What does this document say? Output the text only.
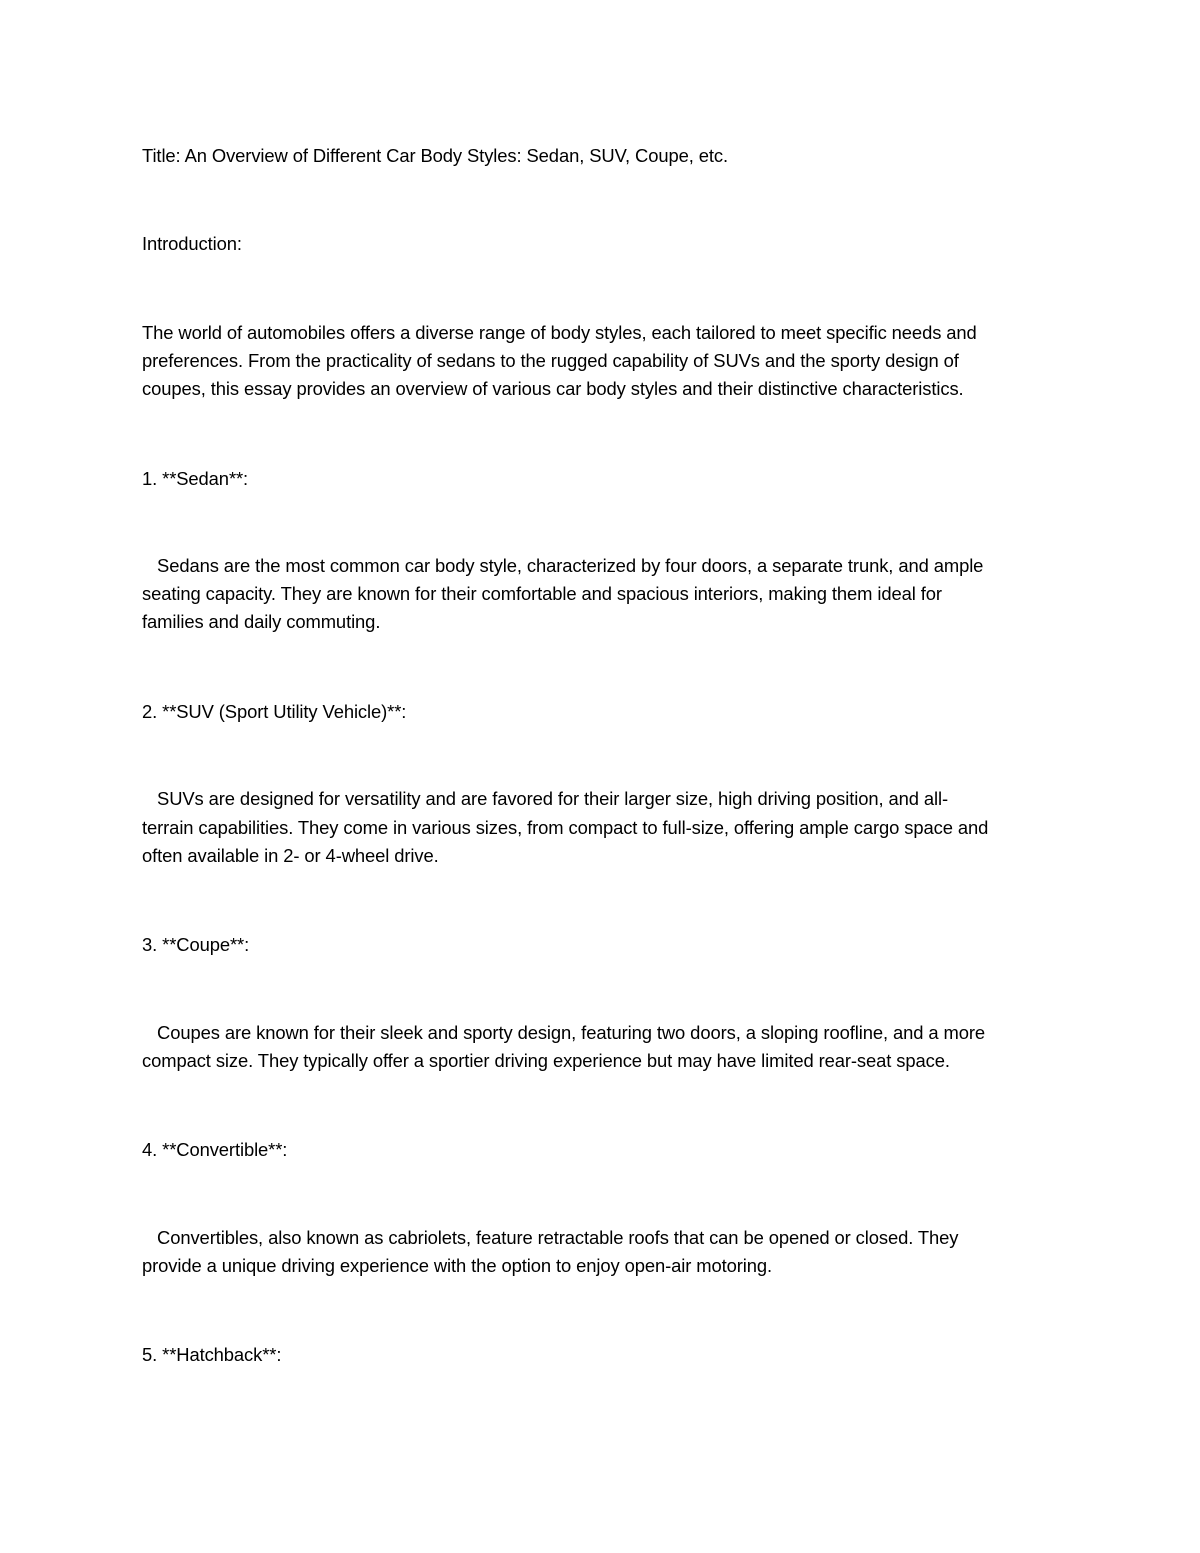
Title: An Overview of Different Car Body Styles: Sedan, SUV, Coupe, etc.
Introduction:
The world of automobiles offers a diverse range of body styles, each tailored to meet specific needs and
preferences. From the practicality of sedans to the rugged capability of SUVs and the sporty design of
coupes, this essay provides an overview of various car body styles and their distinctive characteristics.
1. **Sedan**:
Sedans are the most common car body style, characterized by four doors, a separate trunk, and ample
seating capacity. They are known for their comfortable and spacious interiors, making them ideal for
families and daily commuting.
2. **SUV (Sport Utility Vehicle)**:
SUVs are designed for versatility and are favored for their larger size, high driving position, and all-
terrain capabilities. They come in various sizes, from compact to full-size, offering ample cargo space and
often available in 2- or 4-wheel drive.
3. **Coupe**:
Coupes are known for their sleek and sporty design, featuring two doors, a sloping roofline, and a more
compact size. They typically offer a sportier driving experience but may have limited rear-seat space.
4. **Convertible**:
Convertibles, also known as cabriolets, feature retractable roofs that can be opened or closed. They
provide a unique driving experience with the option to enjoy open-air motoring.
5. **Hatchback**:
